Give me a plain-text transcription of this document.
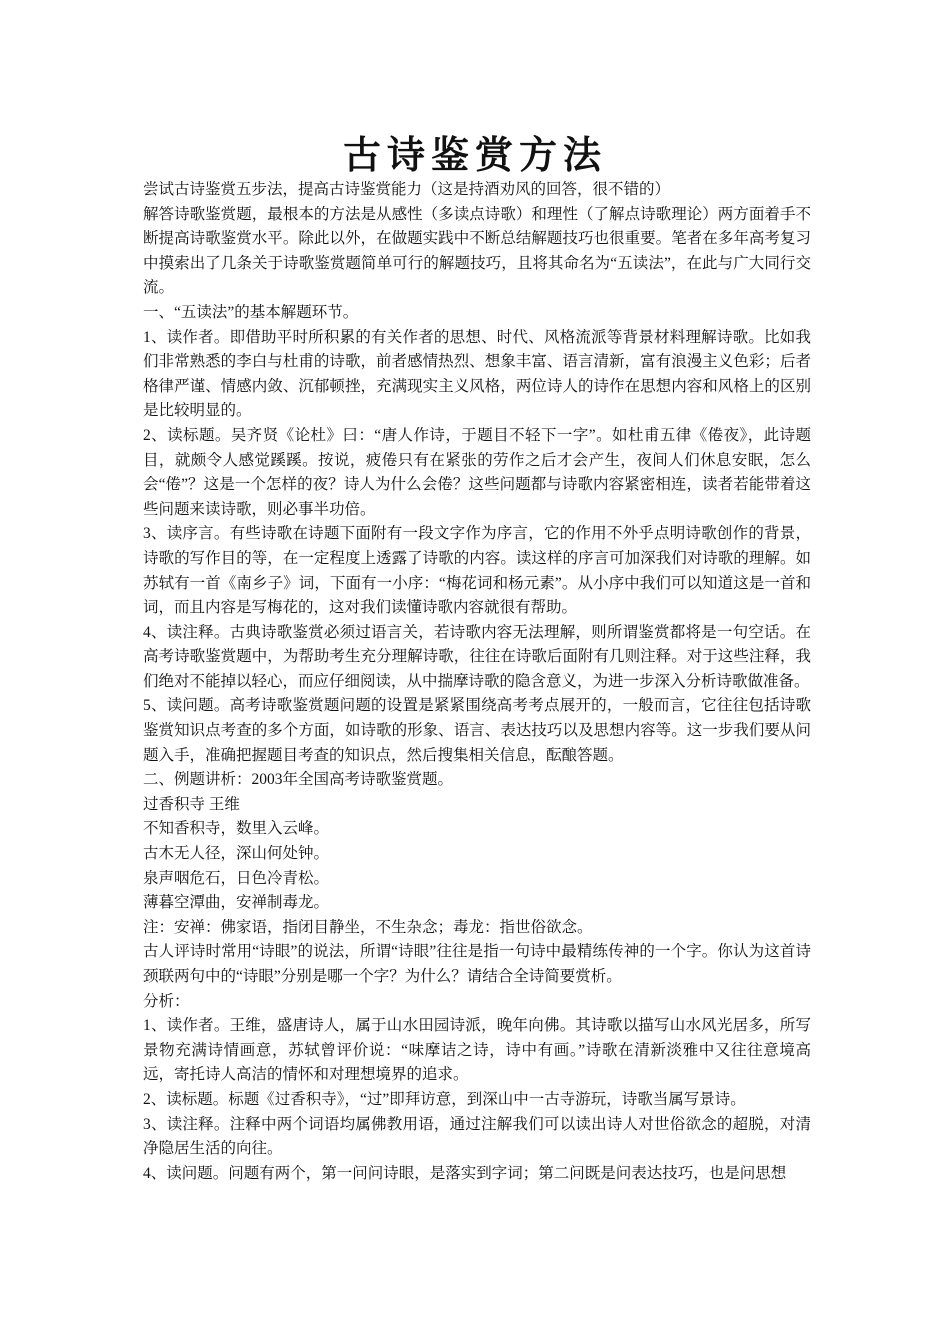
古诗鉴赏方法

尝试古诗鉴赏五步法，提高古诗鉴赏能力（这是持酒劝风的回答，很不错的）

解答诗歌鉴赏题，最根本的方法是从感性（多读点诗歌）和理性（了解点诗歌理论）两方面着手不断提高诗歌鉴赏水平。除此以外，在做题实践中不断总结解题技巧也很重要。笔者在多年高考复习中摸索出了几条关于诗歌鉴赏题简单可行的解题技巧，且将其命名为“五读法”，在此与广大同行交流。

一、“五读法”的基本解题环节。

1、读作者。即借助平时所积累的有关作者的思想、时代、风格流派等背景材料理解诗歌。比如我们非常熟悉的李白与杜甫的诗歌，前者感情热烈、想象丰富、语言清新，富有浪漫主义色彩；后者格律严谨、情感内敛、沉郁顿挫，充满现实主义风格，两位诗人的诗作在思想内容和风格上的区别是比较明显的。

2、读标题。吴齐贤《论杜》曰：“唐人作诗，于题目不轻下一字”。如杜甫五律《倦夜》，此诗题目，就颇令人感觉蹊蹊。按说，疲倦只有在紧张的劳作之后才会产生，夜间人们休息安眠，怎么会“倦”？这是一个怎样的夜？诗人为什么会倦？这些问题都与诗歌内容紧密相连，读者若能带着这些问题来读诗歌，则必事半功倍。

3、读序言。有些诗歌在诗题下面附有一段文字作为序言，它的作用不外乎点明诗歌创作的背景，诗歌的写作目的等，在一定程度上透露了诗歌的内容。读这样的序言可加深我们对诗歌的理解。如苏轼有一首《南乡子》词，下面有一小序：“梅花词和杨元素”。从小序中我们可以知道这是一首和词，而且内容是写梅花的，这对我们读懂诗歌内容就很有帮助。

4、读注释。古典诗歌鉴赏必须过语言关，若诗歌内容无法理解，则所谓鉴赏都将是一句空话。在高考诗歌鉴赏题中，为帮助考生充分理解诗歌，往往在诗歌后面附有几则注释。对于这些注释，我们绝对不能掉以轻心，而应仔细阅读，从中揣摩诗歌的隐含意义，为进一步深入分析诗歌做准备。

5、读问题。高考诗歌鉴赏题问题的设置是紧紧围绕高考考点展开的，一般而言，它往往包括诗歌鉴赏知识点考查的多个方面，如诗歌的形象、语言、表达技巧以及思想内容等。这一步我们要从问题入手，准确把握题目考查的知识点，然后搜集相关信息，酝酿答题。

二、例题讲析：2003年全国高考诗歌鉴赏题。

过香积寺 王维

不知香积寺，数里入云峰。

古木无人径，深山何处钟。

泉声咽危石，日色冷青松。

薄暮空潭曲，安禅制毒龙。

注：安禅：佛家语，指闭目静坐，不生杂念；毒龙：指世俗欲念。

古人评诗时常用“诗眼”的说法，所谓“诗眼”往往是指一句诗中最精练传神的一个字。你认为这首诗颈联两句中的“诗眼”分别是哪一个字？为什么？请结合全诗简要赏析。

分析：

1、读作者。王维，盛唐诗人，属于山水田园诗派，晚年向佛。其诗歌以描写山水风光居多，所写景物充满诗情画意，苏轼曾评价说：“味摩诘之诗，诗中有画。”诗歌在清新淡雅中又往往意境高远，寄托诗人高洁的情怀和对理想境界的追求。

2、读标题。标题《过香积寺》，“过”即拜访意，到深山中一古寺游玩，诗歌当属写景诗。

3、读注释。注释中两个词语均属佛教用语，通过注解我们可以读出诗人对世俗欲念的超脱，对清净隐居生活的向往。

4、读问题。问题有两个，第一问问诗眼，是落实到字词；第二问既是问表达技巧，也是问思想
